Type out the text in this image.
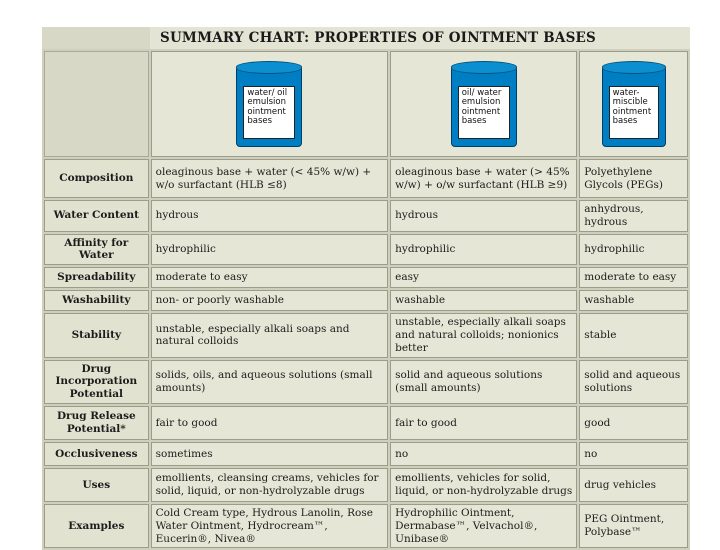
SUMMARY CHART: PROPERTIES OF OINTMENT BASES

	water/ oil emulsion ointment bases	oil/ water emulsion ointment bases	water-miscible ointment bases

Composition	oleaginous base + water (< 45% w/w) + w/o surfactant (HLB ≤8)	oleaginous base + water (> 45% w/w) + o/w surfactant (HLB ≥9)	Polyethylene Glycols (PEGs)
Water Content	hydrous	hydrous	anhydrous, hydrous
Affinity for Water	hydrophilic	hydrophilic	hydrophilic
Spreadability	moderate to easy	easy	moderate to easy
Washability	non- or poorly washable	washable	washable
Stability	unstable, especially alkali soaps and natural colloids	unstable, especially alkali soaps and natural colloids; nonionics better	stable
Drug Incorporation Potential	solids, oils, and aqueous solutions (small amounts)	solid and aqueous solutions (small amounts)	solid and aqueous solutions
Drug Release Potential*	fair to good	fair to good	good
Occlusiveness	sometimes	no	no
Uses	emollients, cleansing creams, vehicles for solid, liquid, or non-hydrolyzable drugs	emollients, vehicles for solid, liquid, or non-hydrolyzable drugs	drug vehicles
Examples	Cold Cream type, Hydrous Lanolin, Rose Water Ointment, Hydrocream™, Eucerin®, Nivea®	Hydrophilic Ointment, Dermabase™, Velvachol®, Unibase®	PEG Ointment, Polybase™
